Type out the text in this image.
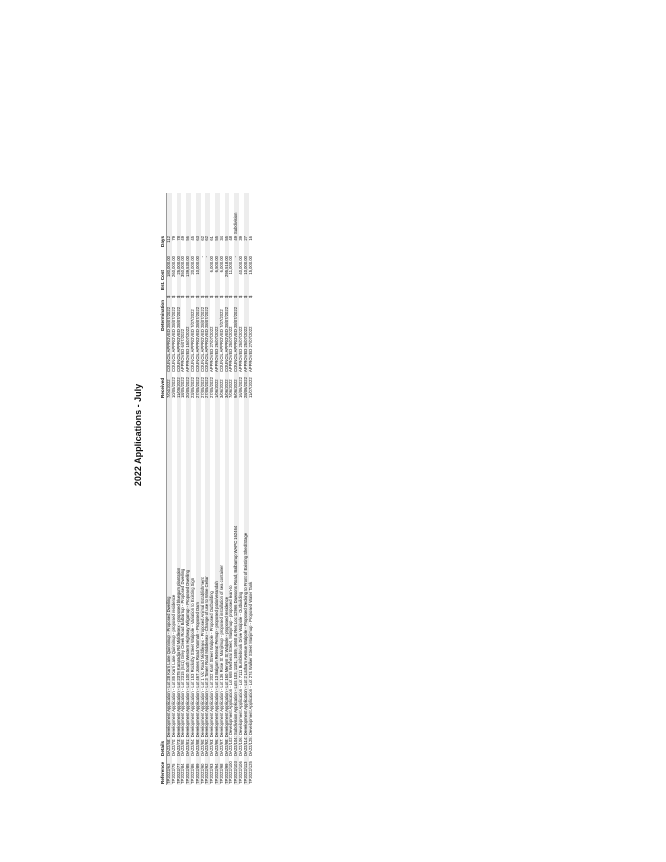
2022 Applications - July
Reference	Details	Received	Determination		Est. Cost	Days	
TP2022/63	DA22/58: Development Application - Lot 28 Karri Lane Quinninup - Proposed Dwelling	7/04/2022	COUNCIL APPROVED 28/07/2022	$	180,000.00	112	
TP2022/75	DA22/70: Development Application - Lot 85 Karri Lane Quinninup - proposed residence	10/05/2022	COUNCIL APPROVED 28/07/2022	$	260,000.00	79	
TP2022/77	DA22/73: Development Application - Lot 2375 Kararadja Rd Middlesex - proposed bluegum plantation	11/05/2022	COUNCIL APPROVED 28/07/2022	$	25,000.00	78	
TP2022/84	DA22/80: Development Application - Lot 2315 (541) Grey Creek Road Balbarrup - Proposed Dwelling	18/05/2022	APPROVED 6/07/2022	$	350,000.00	49	
TP2022/85	DA22/81: Development Application - Lot 100 South Western Highway Wilgarrup - Proposed Dwelling	20/05/2022	APPROVED 15/07/2022	$	139,530.00	56	
TP2022/86	DA22/84: Development Application - Lot 153 Rocksby Street Walpole - Variation to Existing Sign	23/05/2022	COUNCIL APPROVED 7/07/2022	$	20,000.00	45	
TP2022/89	DA22/88: Development Application - Lot 467 Jones Road Yanmah - Proposed Dam	27/05/2022	COUNCIL APPROVED 28/07/2022	$	10,000.00	63	
TP2022/90	DA22/90: Development Application - Lot 1 Vic Road Middlesex - Proposed Animal Establishment	27/05/2022	COUNCIL APPROVED 28/07/2022	$	-	62	
TP2022/92	DA22/92: Development Application - Lot 3 Tower Road Middlesex - Change of use to Wine Cellar	27/05/2022	COUNCIL APPROVED 28/07/2022	$	-	62	
TP2022/93	DA22/93: Development Application - Lot 202 Karri Street Walpole - Proposed Outbuilding	27/05/2022	APPROVED 27/07/2022	$	6,000.00	61	
TP2022/94	DA22/96: Development Application - Lot 13 Balgam Retreat Pemup - proposed patio/verandah	1/06/2022	APPROVED 26/07/2022	$	6,500.00	55	
TP2022/98	DA22/97: Development Application - Lot 136 Rose St Manjimup - proposed installation of sea container	3/06/2022	COUNCIL APPROVED 7/07/2022	$	6,000.00	34	
TP2022/99	DA22/98: Development Application - Lot 160 Mervyn St Walpole - proposed residence	3/06/2022	COUNCIL APPROVED 28/07/2022	$	295,518.00	55	
TP2022/100	DA22/102: Development Application - Lot 665 Wetheral Street, Manjimup - proposed lean-to	7/06/2022	APPROVED 25/07/2022	$	11,000.00	48	
TP2022/103	DA22/104: Subdivision Application - Lots 103, 1181, 1659, 1660 & Res Loc 12966 Dawsons Road, Balbarrup WAPC 162464	9/06/2022	COUNCIL APPROVED 28/07/2022	$	-	49	Subdivision
TP2022/106	DA22/106: Development Application - Lot 7111 Bumblebrook Drive Walpole - Outbuilding	16/06/2022	APPROVED 25/07/2022	$	40,000.00	39	
TP2022/113	DA22/114: Development Application - Lot 2 Latham Avenue Walpole - Proposed Decking to Front of Existing Shed/Stage	28/06/2022	APPROVED 25/07/2022	$	10,000.00	27	
TP2022/125	DA22/125: Development Application - Lot 274 Walker Street Manjimup - Proposed Water Tank	11/07/2022	APPROVED 27/07/2022	$	15,000.00	16	
